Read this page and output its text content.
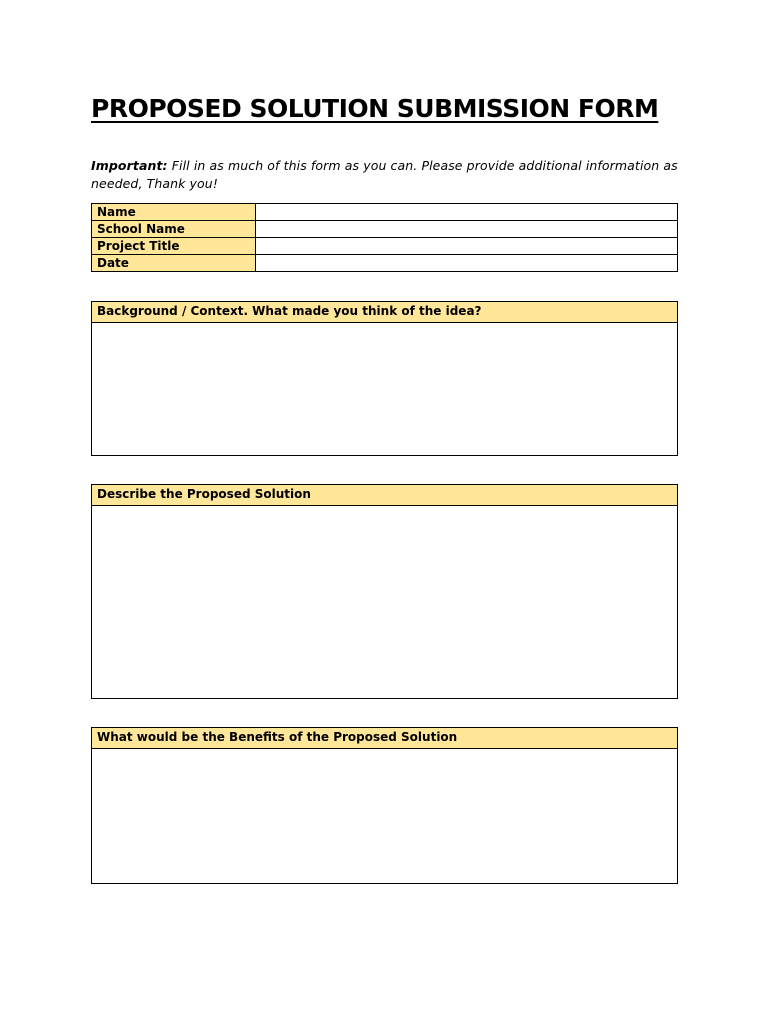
PROPOSED SOLUTION SUBMISSION FORM
Important: Fill in as much of this form as you can. Please provide additional information as needed, Thank you!
Name	
School Name	
Project Title	
Date	
Background / Context. What made you think of the idea?
Describe the Proposed Solution
What would be the Benefits of the Proposed Solution
